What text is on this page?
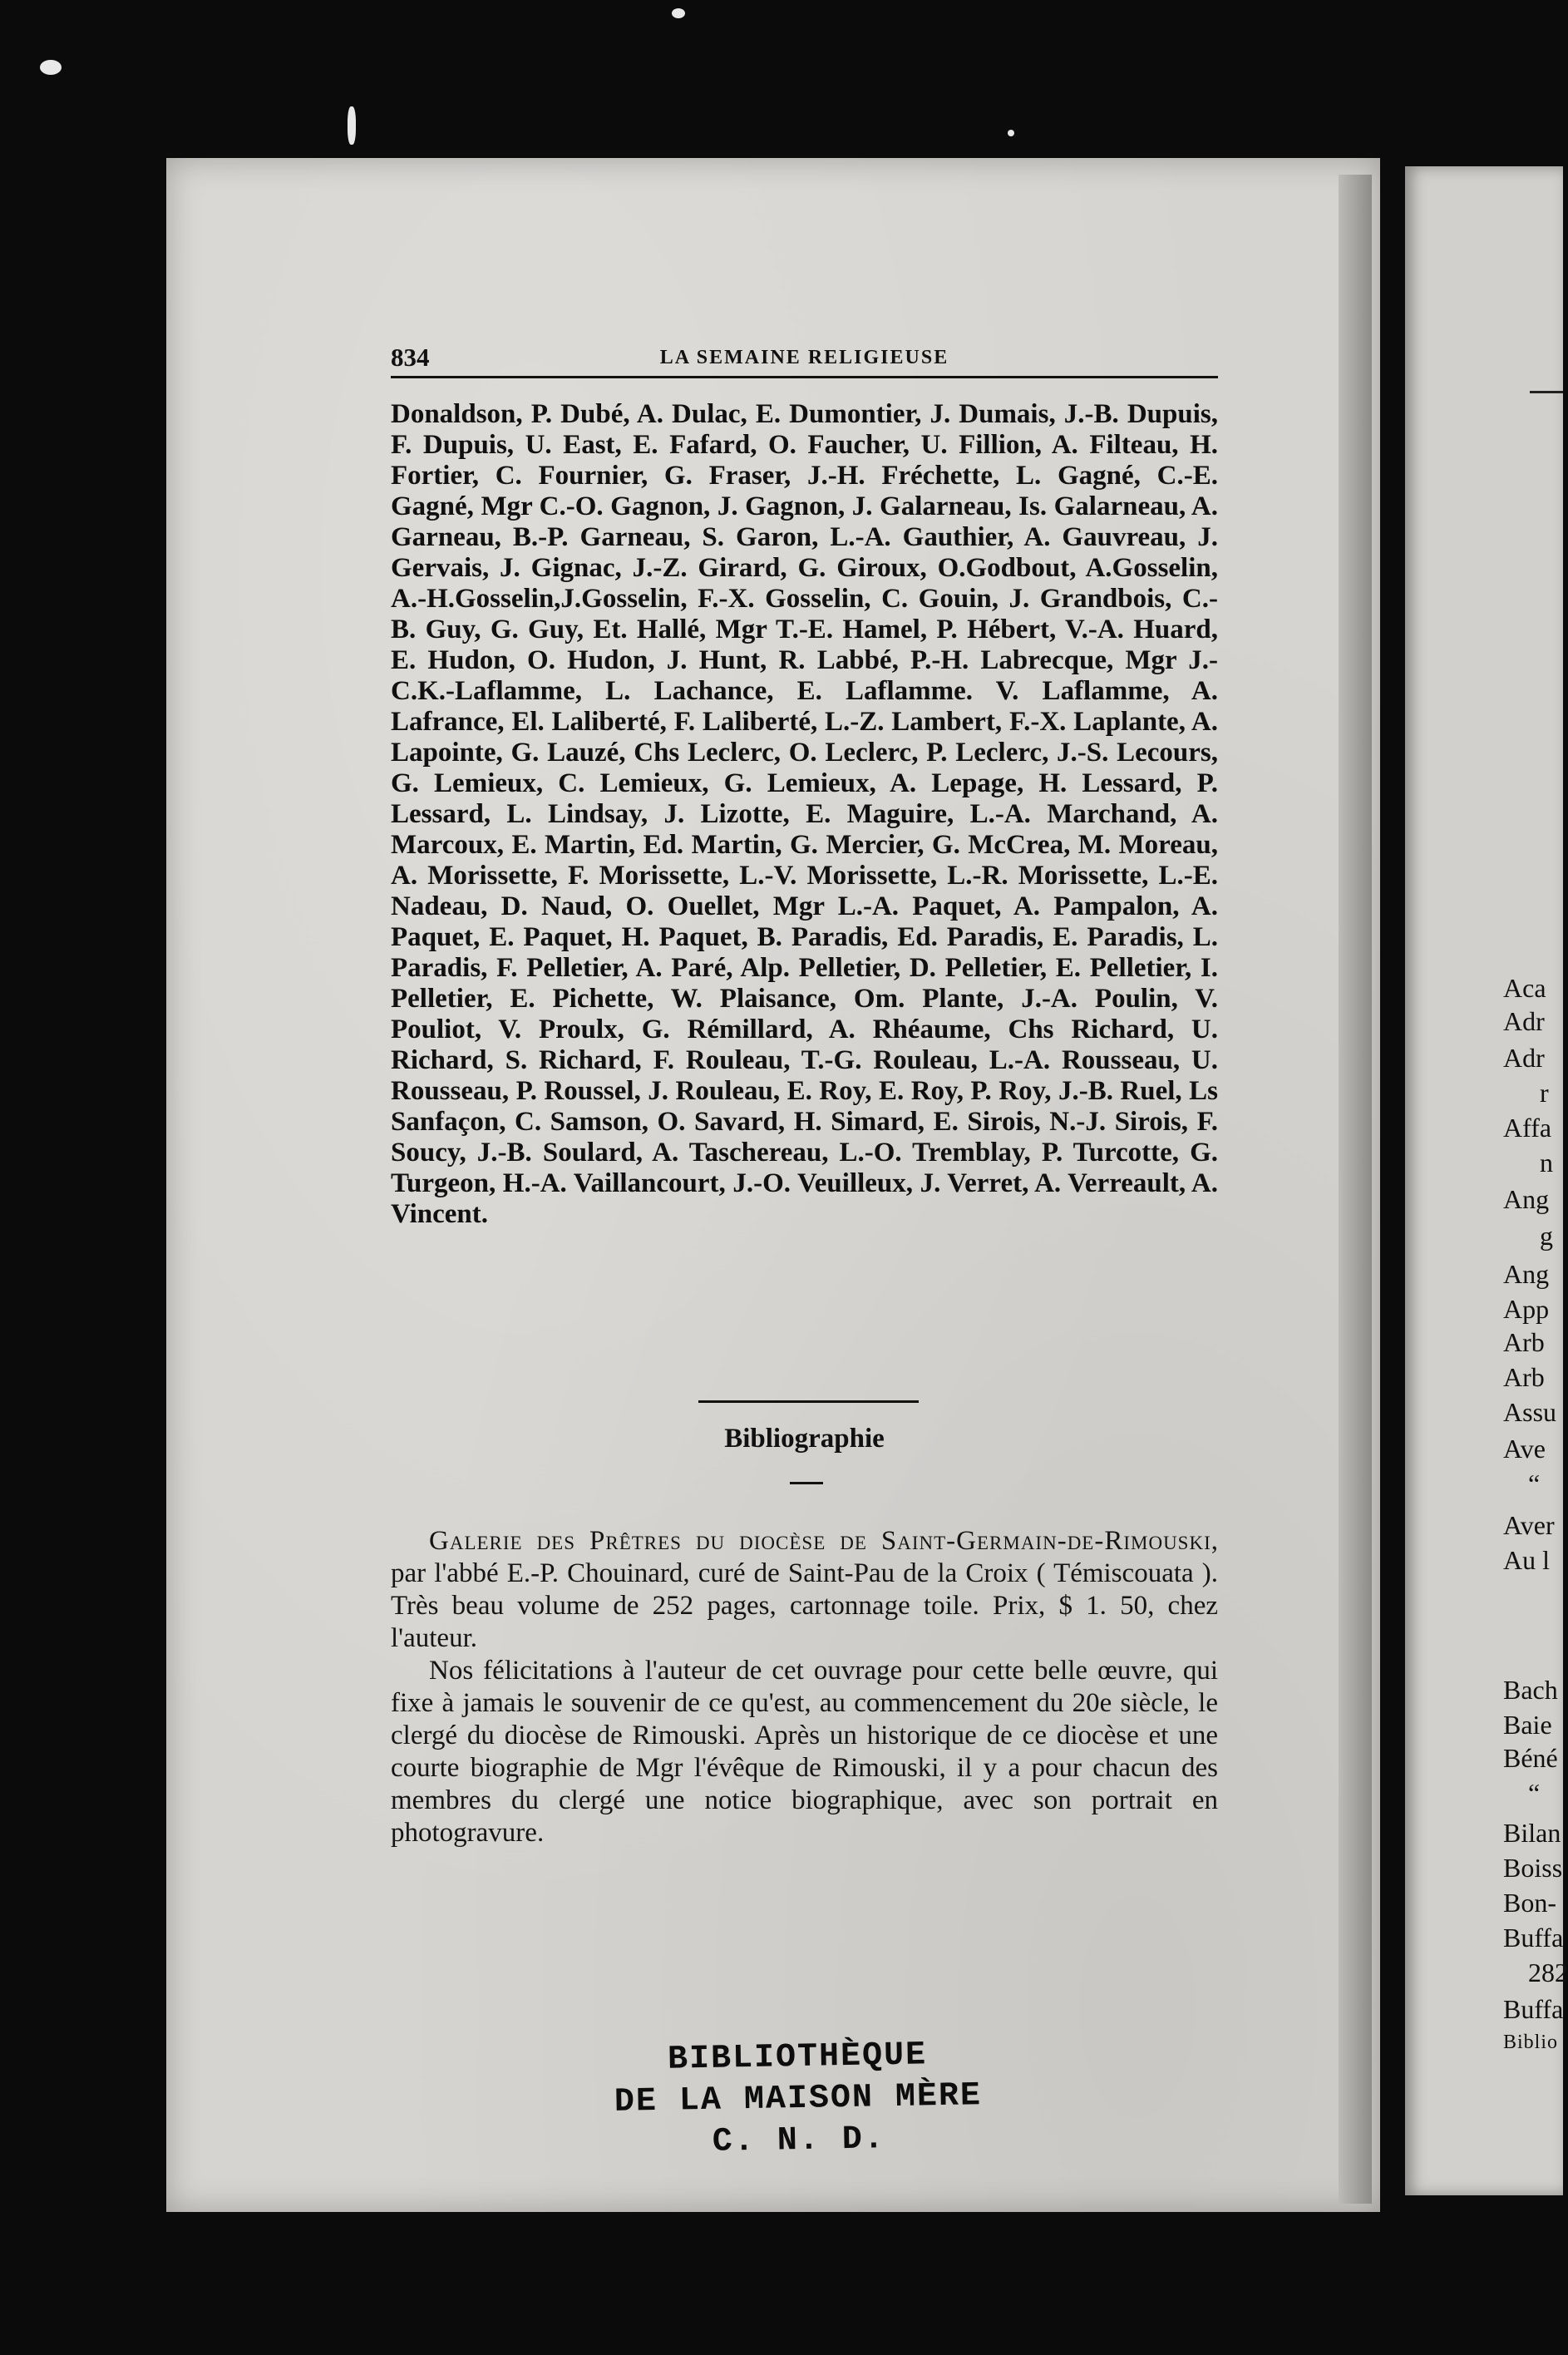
Aca
Adr
Adr
r
Affa
n
Ang
g
Ang
App
Arb
Arb
Assu
Ave
“
Aver
Au l
Bach
Baie
Béné
“
Bilan
Boiss
Bon-
Buffa
282
Buffa
Biblio
834	LA SEMAINE RELIGIEUSE
Donaldson, P. Dubé, A. Dulac, E. Dumontier, J. Dumais, J.-B. Dupuis, F. Dupuis, U. East, E. Fafard, O. Faucher, U. Fillion, A. Filteau, H. Fortier, C. Fournier, G. Fraser, J.-H. Fréchette, L. Gagné, C.-E. Gagné, Mgr C.-O. Gagnon, J. Gagnon, J. Galarneau, Is. Galarneau, A. Garneau, B.-P. Garneau, S. Garon, L.-A. Gauthier, A. Gauvreau, J. Gervais, J. Gignac, J.-Z. Girard, G. Giroux, O.Godbout, A.Gosselin, A.-H.Gosselin,J.Gosselin, F.-X. Gosselin, C. Gouin, J. Grandbois, C.-B. Guy, G. Guy, Et. Hallé, Mgr T.-E. Hamel, P. Hébert, V.-A. Huard, E. Hudon, O. Hudon, J. Hunt, R. Labbé, P.-H. Labrecque, Mgr J.-C.K.-Laflamme, L. Lachance, E. Laflamme. V. Laflamme, A. Lafrance, El. Laliberté, F. Laliberté, L.-Z. Lambert, F.-X. Laplante, A. Lapointe, G. Lauzé, Chs Leclerc, O. Leclerc, P. Leclerc, J.-S. Lecours, G. Lemieux, C. Lemieux, G. Lemieux, A. Lepage, H. Lessard, P. Lessard, L. Lindsay, J. Lizotte, E. Maguire, L.-A. Marchand, A. Marcoux, E. Martin, Ed. Martin, G. Mercier, G. McCrea, M. Moreau, A. Morissette, F. Morissette, L.-V. Morissette, L.-R. Morissette, L.-E. Nadeau, D. Naud, O. Ouellet, Mgr L.-A. Paquet, A. Pampalon, A. Paquet, E. Paquet, H. Paquet, B. Paradis, Ed. Paradis, E. Paradis, L. Paradis, F. Pelletier, A. Paré, Alp. Pelletier, D. Pelletier, E. Pelletier, I. Pelletier, E. Pichette, W. Plaisance, Om. Plante, J.-A. Poulin, V. Pouliot, V. Proulx, G. Rémillard, A. Rhéaume, Chs Richard, U. Richard, S. Richard, F. Rouleau, T.-G. Rouleau, L.-A. Rousseau, U. Rousseau, P. Roussel, J. Rouleau, E. Roy, E. Roy, P. Roy, J.-B. Ruel, Ls Sanfaçon, C. Samson, O. Savard, H. Simard, E. Sirois, N.-J. Sirois, F. Soucy, J.-B. Soulard, A. Taschereau, L.-O. Tremblay, P. Turcotte, G. Turgeon, H.-A. Vaillancourt, J.-O. Veuilleux, J. Verret, A. Verreault, A. Vincent.
Bibliographie

Galerie des Prêtres du diocèse de Saint-Germain-de-Rimouski, par l'abbé E.-P. Chouinard, curé de Saint-Pau de la Croix ( Témiscouata ). Très beau volume de 252 pages, cartonnage toile. Prix, $ 1. 50, chez l'auteur.

Nos félicitations à l'auteur de cet ouvrage pour cette belle œuvre, qui fixe à jamais le souvenir de ce qu'est, au commencement du 20e siècle, le clergé du diocèse de Rimouski. Après un historique de ce diocèse et une courte biographie de Mgr l'évêque de Rimouski, il y a pour chacun des membres du clergé une notice biographique, avec son portrait en photogravure.

BIBLIOTHÈQUE
DE LA MAISON MÈRE
C. N. D.
